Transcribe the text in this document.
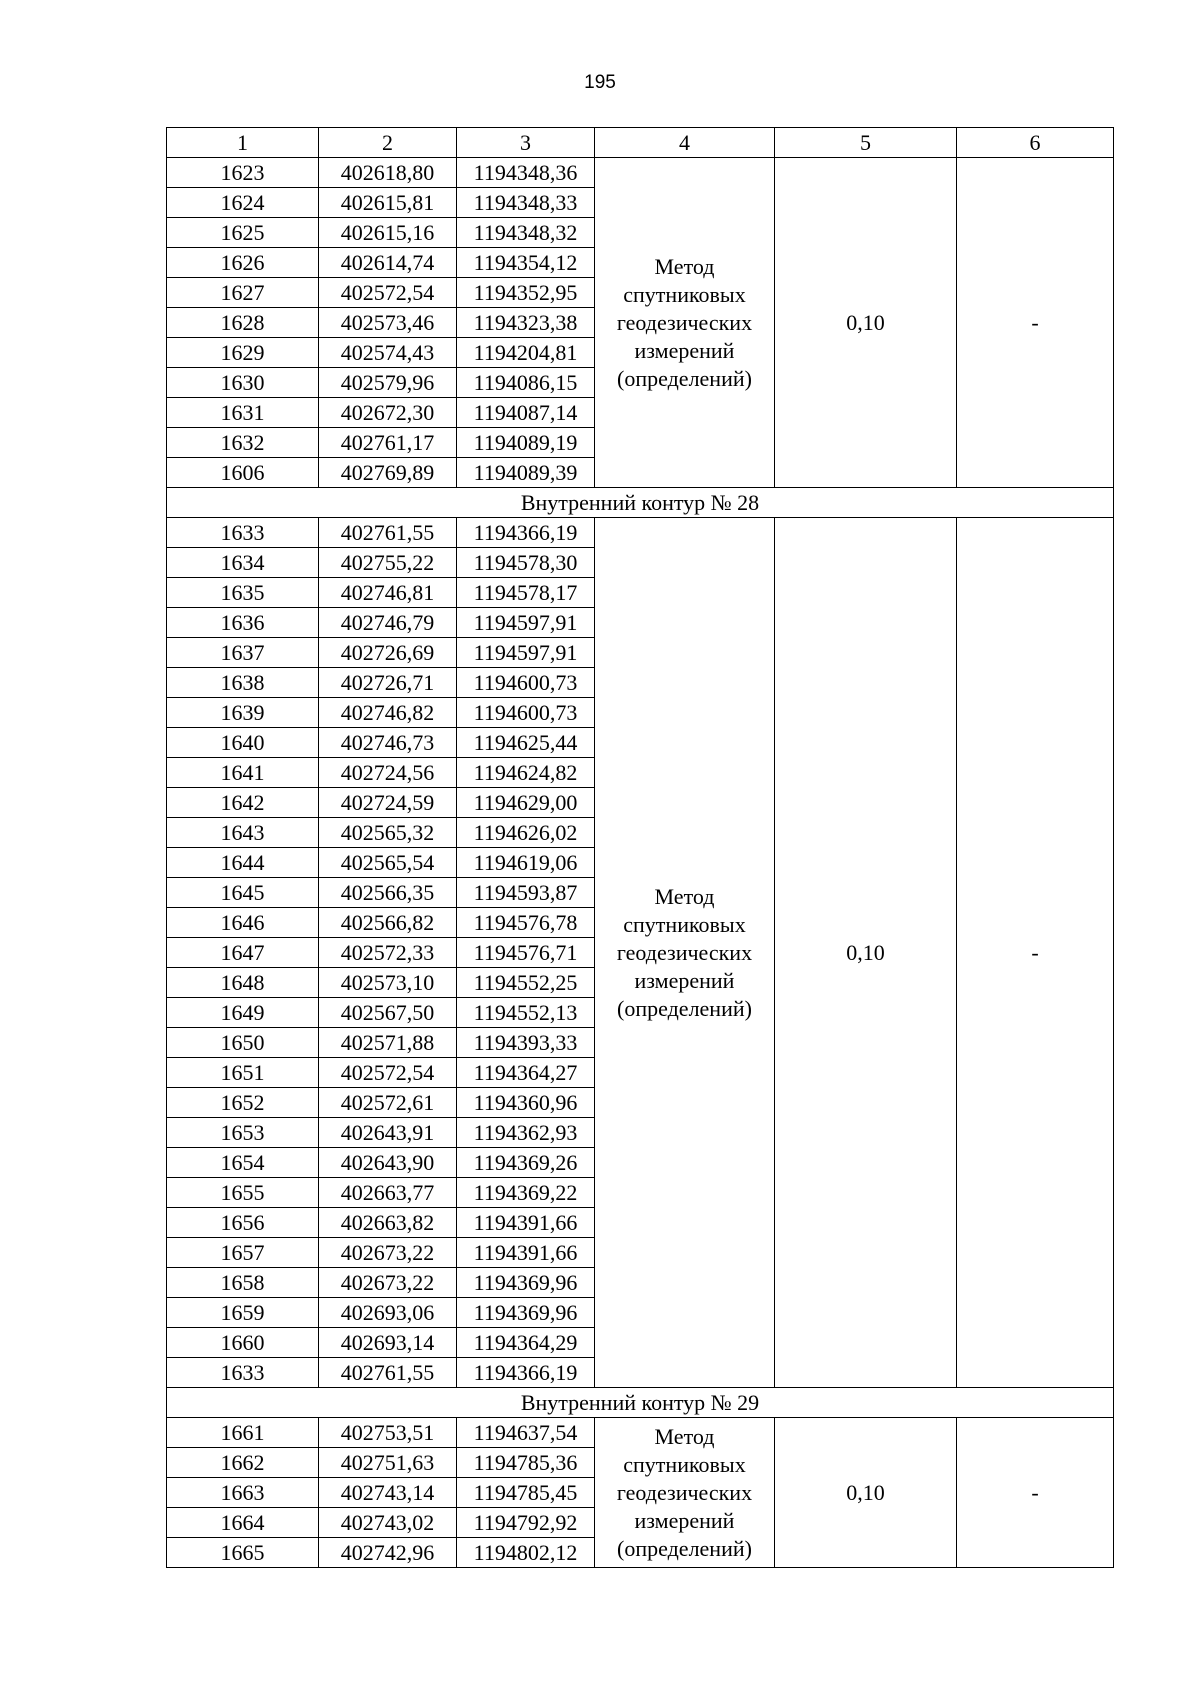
195
1	2	3	4	5	6
1623	402618,80	1194348,36	Метод
спутниковых
геодезических
измерений
(определений)	0,10	-
1624	402615,81	1194348,33			
1625	402615,16	1194348,32			
1626	402614,74	1194354,12			
1627	402572,54	1194352,95			
1628	402573,46	1194323,38			
1629	402574,43	1194204,81			
1630	402579,96	1194086,15			
1631	402672,30	1194087,14			
1632	402761,17	1194089,19			
1606	402769,89	1194089,39			
Внутренний контур № 28					
1633	402761,55	1194366,19	Метод
спутниковых
геодезических
измерений
(определений)	0,10	-
1634	402755,22	1194578,30			
1635	402746,81	1194578,17			
1636	402746,79	1194597,91			
1637	402726,69	1194597,91			
1638	402726,71	1194600,73			
1639	402746,82	1194600,73			
1640	402746,73	1194625,44			
1641	402724,56	1194624,82			
1642	402724,59	1194629,00			
1643	402565,32	1194626,02			
1644	402565,54	1194619,06			
1645	402566,35	1194593,87			
1646	402566,82	1194576,78			
1647	402572,33	1194576,71			
1648	402573,10	1194552,25			
1649	402567,50	1194552,13			
1650	402571,88	1194393,33			
1651	402572,54	1194364,27			
1652	402572,61	1194360,96			
1653	402643,91	1194362,93			
1654	402643,90	1194369,26			
1655	402663,77	1194369,22			
1656	402663,82	1194391,66			
1657	402673,22	1194391,66			
1658	402673,22	1194369,96			
1659	402693,06	1194369,96			
1660	402693,14	1194364,29			
1633	402761,55	1194366,19			
Внутренний контур № 29					
1661	402753,51	1194637,54	Метод
спутниковых
геодезических
измерений
(определений)	0,10	-
1662	402751,63	1194785,36			
1663	402743,14	1194785,45			
1664	402743,02	1194792,92			
1665	402742,96	1194802,12			
